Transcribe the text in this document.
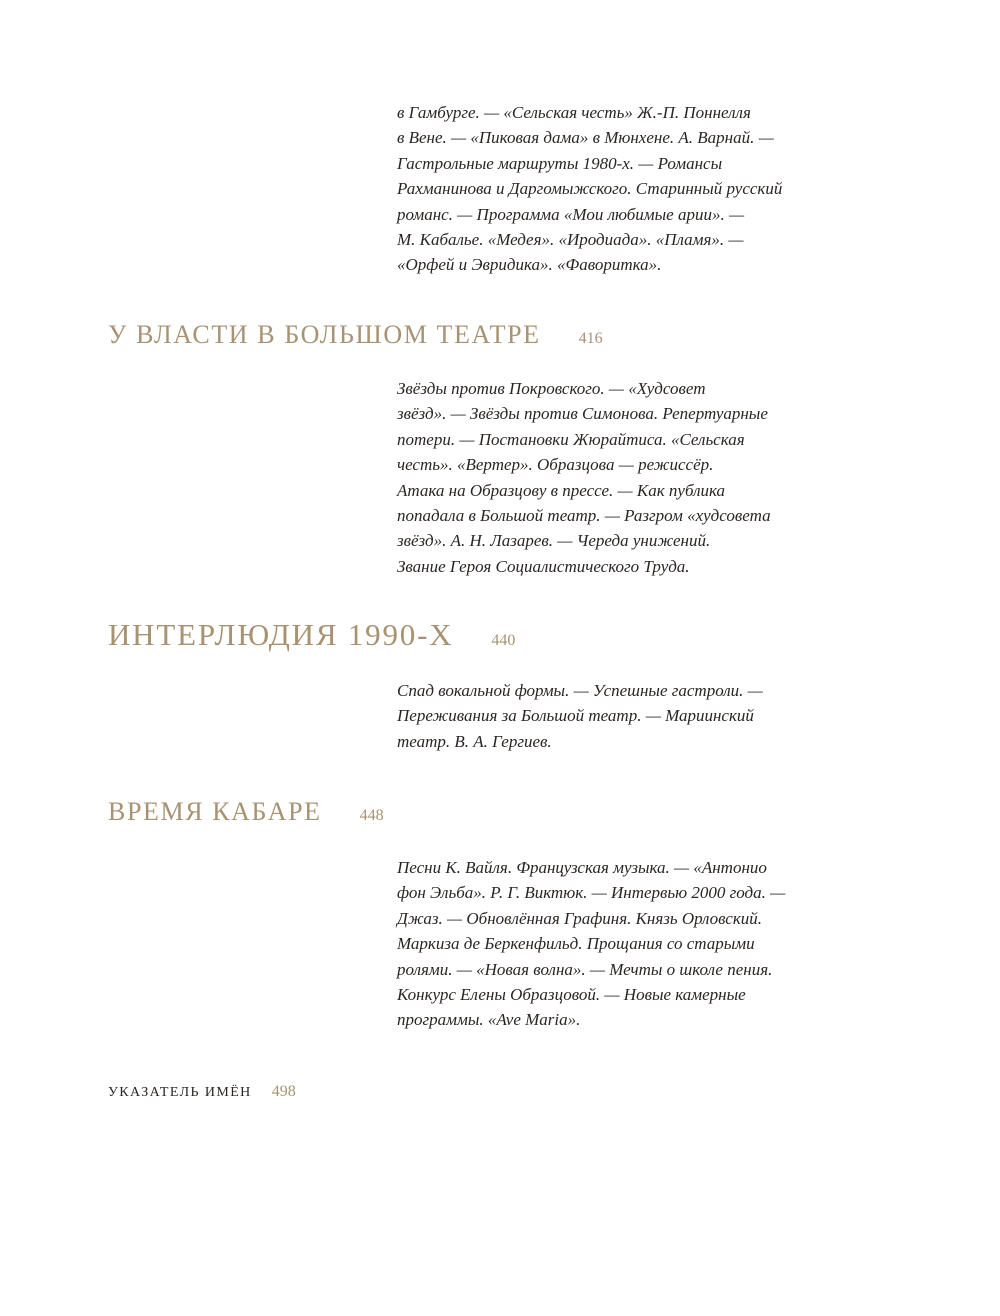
в Гамбурге. — «Сельская честь» Ж.-П. Поннелля
в Вене. — «Пиковая дама» в Мюнхене. А. Варнай. —
Гастрольные маршруты 1980-х. — Романсы
Рахманинова и Даргомыжского. Старинный русский
романс. — Программа «Мои любимые арии». —
М. Кабалье. «Медея». «Иродиада». «Пламя». —
«Орфей и Эвридика». «Фаворитка».
У ВЛАСТИ В БОЛЬШОМ ТЕАТРЕ 416
Звёзды против Покровского. — «Худсовет
звёзд». — Звёзды против Симонова. Репертуарные
потери. — Постановки Жюрайтиса. «Сельская
честь». «Вертер». Образцова — режиссёр.
Атака на Образцову в прессе. — Как публика
попадала в Большой театр. — Разгром «худсовета
звёзд». А. Н. Лазарев. — Череда унижений.
Звание Героя Социалистического Труда.
ИНТЕРЛЮДИЯ 1990-Х 440
Спад вокальной формы. — Успешные гастроли. —
Переживания за Большой театр. — Мариинский
театр. В. А. Гергиев.
ВРЕМЯ КАБАРЕ 448
Песни К. Вайля. Французская музыка. — «Антонио
фон Эльба». Р. Г. Виктюк. — Интервью 2000 года. —
Джаз. — Обновлённая Графиня. Князь Орловский.
Маркиза де Беркенфильд. Прощания со старыми
ролями. — «Новая волна». — Мечты о школе пения.
Конкурс Елены Образцовой. — Новые камерные
программы. «Ave Maria».
УКАЗАТЕЛЬ ИМЁН 498
